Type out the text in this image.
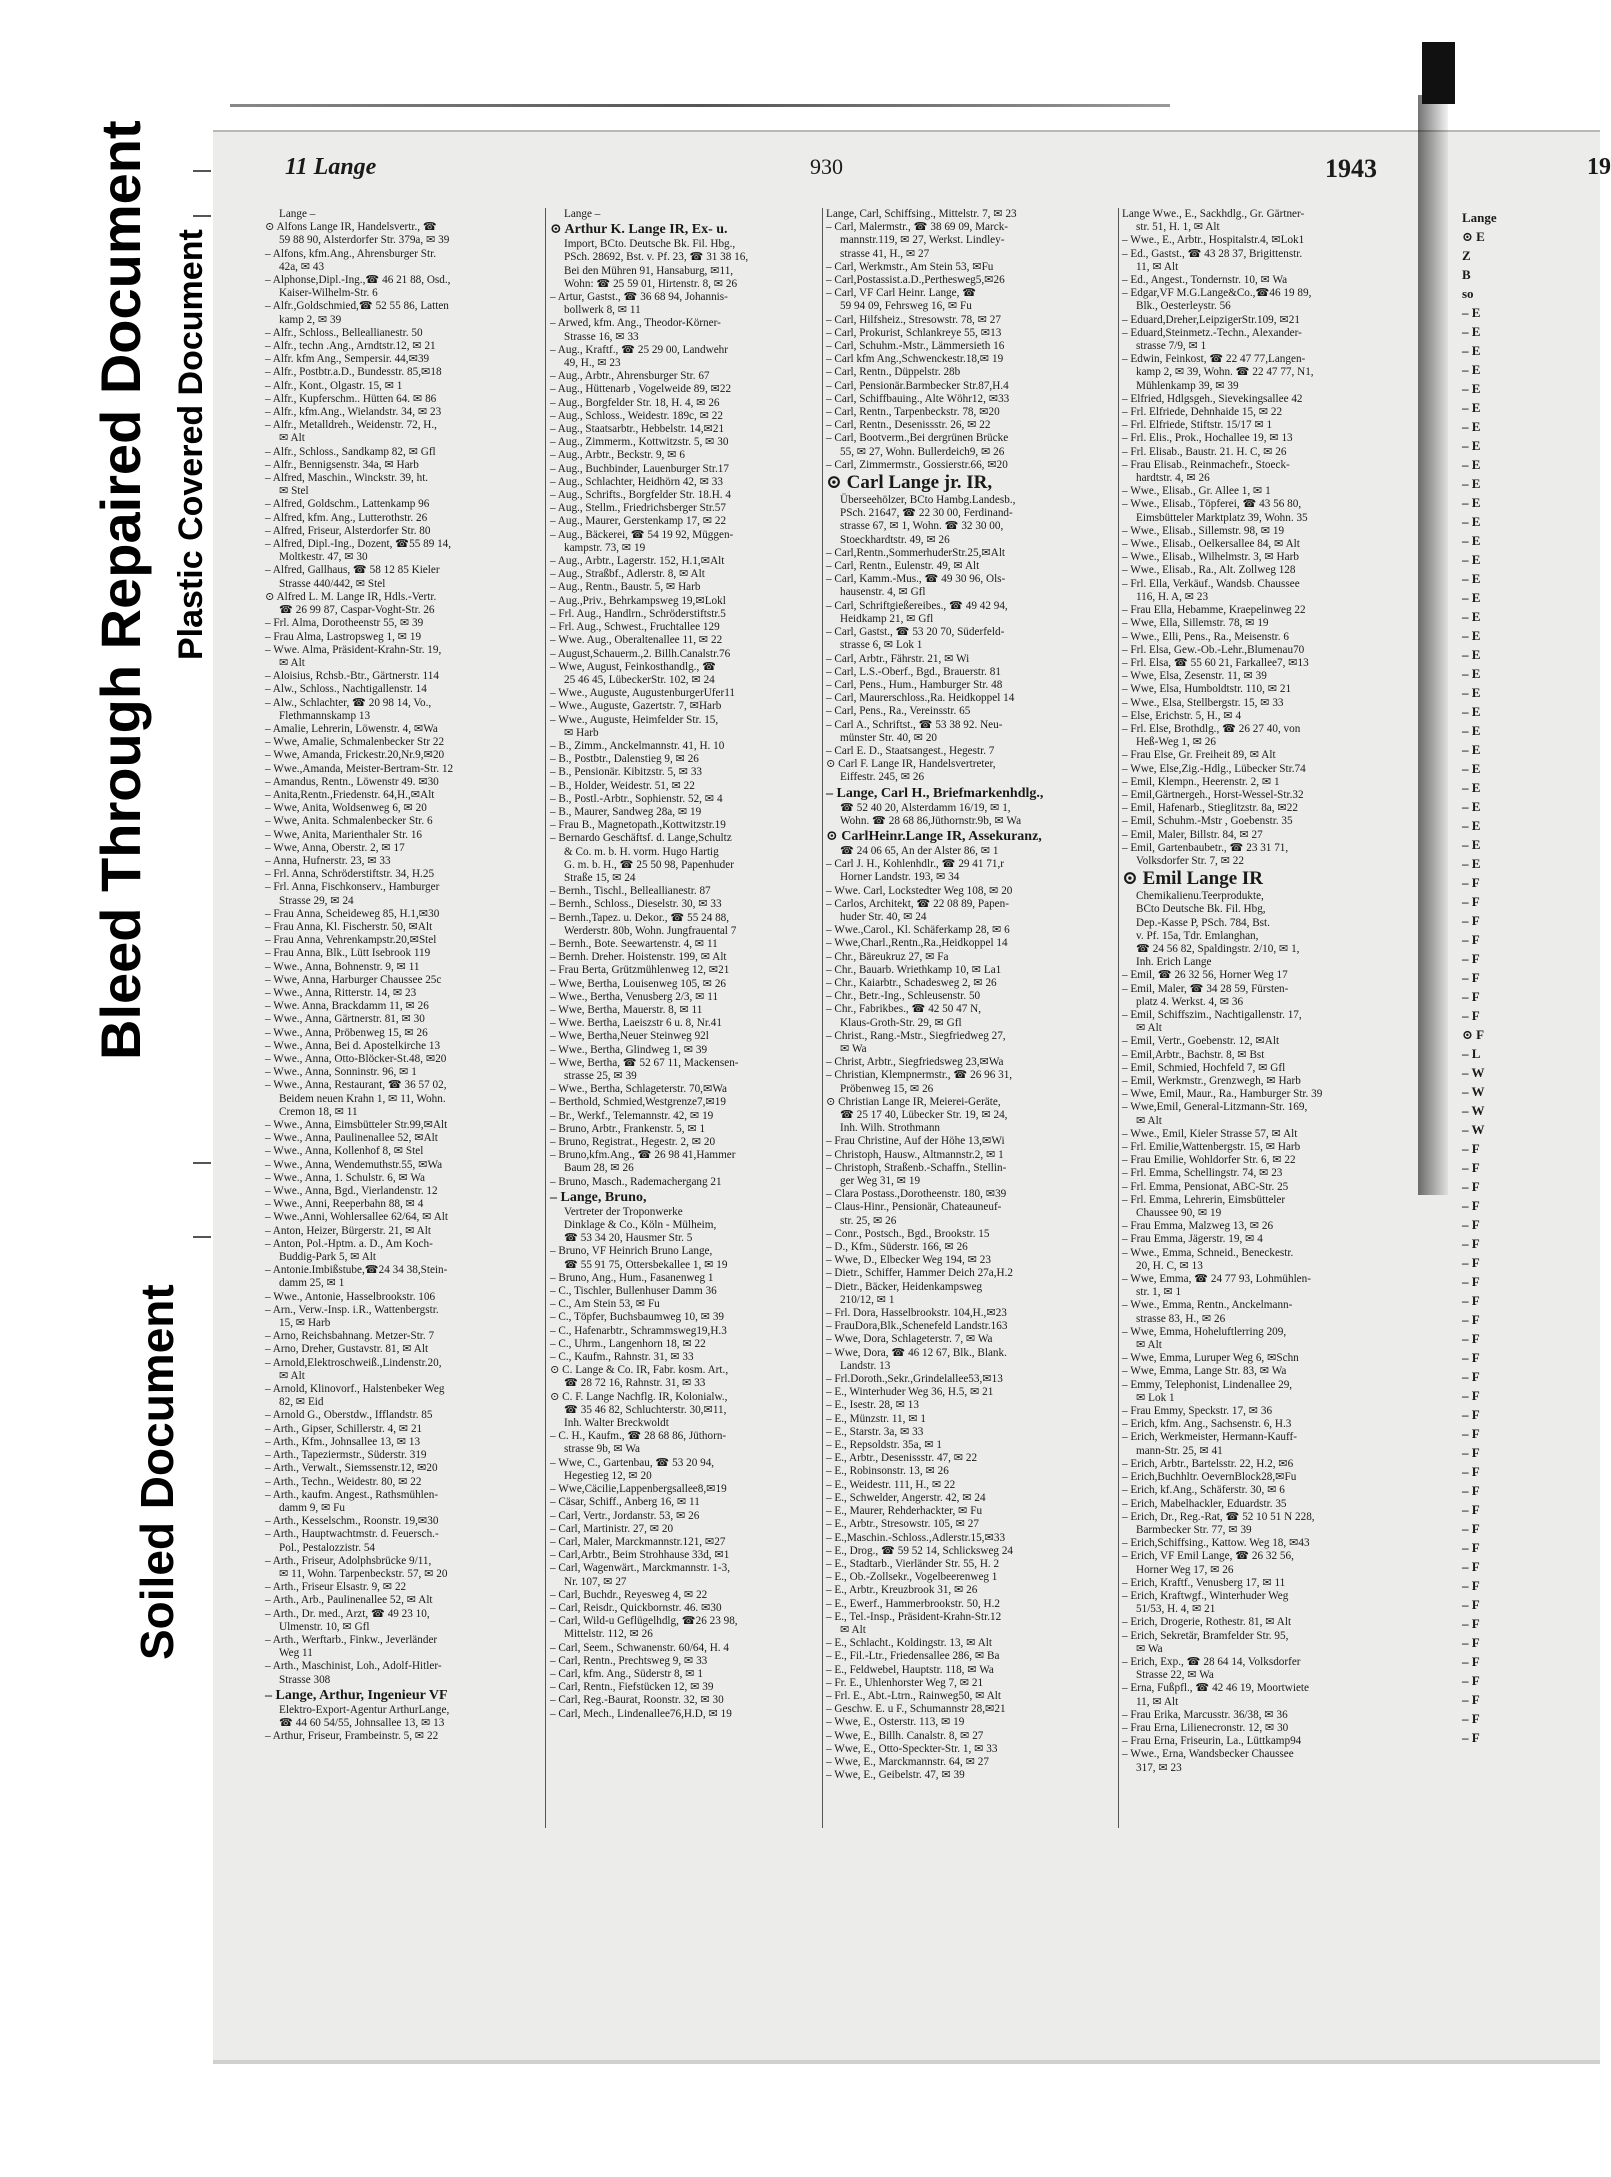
Soiled Document
Bleed Through Repaired Document Plastic Covered Document
11 Lange	930	1943	19
Lange –
⊙ Alfons Lange IR, Handelsvertr., ☎
59 88 90, Alsterdorfer Str. 379a, ✉ 39
– Alfons, kfm.Ang., Ahrensburger Str.
42a, ✉ 43
– Alphonse,Dipl.-Ing.,☎ 46 21 88, Osd.,
Kaiser-Wilhelm-Str. 6
– Alfr.,Goldschmied,☎ 52 55 86, Latten
kamp 2, ✉ 39
– Alfr., Schloss., Belleallianestr. 50
– Alfr., techn .Ang., Arndtstr.12, ✉ 21
– Alfr. kfm Ang., Sempersir. 44,✉39
– Alfr., Postbtr.a.D., Bundesstr. 85,✉18
– Alfr., Kont., Olgastr. 15, ✉ 1
– Alfr., Kupferschm.. Hütten 64. ✉ 86
– Alfr., kfm.Ang., Wielandstr. 34, ✉ 23
– Alfr., Metalldreh., Weidenstr. 72, H.,
✉ Alt
– Alfr., Schloss., Sandkamp 82, ✉ Gfl
– Alfr., Bennigsenstr. 34a, ✉ Harb
– Alfred, Maschin., Winckstr. 39, ht.
✉ Stel
– Alfred, Goldschm., Lattenkamp 96
– Alfred, kfm. Ang., Lutterothstr. 26
– Alfred, Friseur, Alsterdorfer Str. 80
– Alfred, Dipl.-Ing., Dozent, ☎55 89 14,
Moltkestr. 47, ✉ 30
– Alfred, Gallhaus, ☎ 58 12 85 Kieler
Strasse 440/442, ✉ Stel
⊙ Alfred L. M. Lange IR, Hdls.-Vertr.
☎ 26 99 87, Caspar-Voght-Str. 26
– Frl. Alma, Dorotheenstr 55, ✉ 39
– Frau Alma, Lastropsweg 1, ✉ 19
– Wwe. Alma, Präsident-Krahn-Str. 19,
✉ Alt
– Aloisius, Rchsb.-Btr., Gärtnerstr. 114
– Alw., Schloss., Nachtigallenstr. 14
– Alw., Schlachter, ☎ 20 98 14, Vo.,
Flethmannskamp 13
– Amalie, Lehrerin, Löwenstr. 4, ✉Wa
– Wwe, Amalie, Schmalenbecker Str 22
– Wwe, Amanda, Frickestr.20,Nr.9,✉20
– Wwe.,Amanda, Meister-Bertram-Str. 12
– Amandus, Rentn., Löwenstr 49. ✉30
– Anita,Rentn.,Friedenstr. 64,H.,✉Alt
– Wwe, Anita, Woldsenweg 6, ✉ 20
– Wwe, Anita. Schmalenbecker Str. 6
– Wwe, Anita, Marienthaler Str. 16
– Wwe, Anna, Oberstr. 2, ✉ 17
– Anna, Hufnerstr. 23, ✉ 33
– Frl. Anna, Schröderstiftstr. 34, H.25
– Frl. Anna, Fischkonserv., Hamburger
Strasse 29, ✉ 24
– Frau Anna, Scheideweg 85, H.1,✉30
– Frau Anna, Kl. Fischerstr. 50, ✉Alt
– Frau Anna, Vehrenkampstr.20,✉Stel
– Frau Anna, Blk., Lütt Isebrook 119
– Wwe., Anna, Bohnenstr. 9, ✉ 11
– Wwe, Anna, Harburger Chaussee 25c
– Wwe., Anna, Ritterstr. 14, ✉ 23
– Wwe. Anna, Brackdamm 11, ✉ 26
– Wwe., Anna, Gärtnerstr. 81, ✉ 30
– Wwe., Anna, Pröbenweg 15, ✉ 26
– Wwe., Anna, Bei d. Apostelkirche 13
– Wwe., Anna, Otto-Blöcker-St.48, ✉20
– Wwe., Anna, Sonninstr. 96, ✉ 1
– Wwe., Anna, Restaurant, ☎ 36 57 02,
Beidem neuen Krahn 1, ✉ 11, Wohn.
Cremon 18, ✉ 11
– Wwe., Anna, Eimsbütteler Str.99,✉Alt
– Wwe., Anna, Paulinenallee 52, ✉Alt
– Wwe., Anna, Kollenhof 8, ✉ Stel
– Wwe., Anna, Wendemuthstr.55, ✉Wa
– Wwe., Anna, 1. Schulstr. 6, ✉ Wa
– Wwe., Anna, Bgd., Vierlandenstr. 12
– Wwe., Anni, Reeperbahn 88, ✉ 4
– Wwe.,Anni, Wohlersallee 62/64, ✉ Alt
– Anton, Heizer, Bürgerstr. 21, ✉ Alt
– Anton, Pol.-Hptm. a. D., Am Koch-
Buddig-Park 5, ✉ Alt
– Antonie.Imbißstube,☎24 34 38,Stein-
damm 25, ✉ 1
– Wwe., Antonie, Hasselbrookstr. 106
– Arn., Verw.-Insp. i.R., Wattenbergstr.
15, ✉ Harb
– Arno, Reichsbahnang. Metzer-Str. 7
– Arno, Dreher, Gustavstr. 81, ✉ Alt
– Arnold,Elektroschweiß.,Lindenstr.20,
✉ Alt
– Arnold, Klinovorf., Halstenbeker Weg
82, ✉ Eid
– Arnold G., Oberstdw., Ifflandstr. 85
– Arth., Gipser, Schillerstr. 4, ✉ 21
– Arth., Kfm., Johnsallee 13, ✉ 13
– Arth., Tapeziermstr., Süderstr. 319
– Arth., Verwalt., Siemssenstr.12, ✉20
– Arth., Techn., Weidestr. 80, ✉ 22
– Arth., kaufm. Angest., Rathsmühlen-
damm 9, ✉ Fu
– Arth., Kesselschm., Roonstr. 19,✉30
– Arth., Hauptwachtmstr. d. Feuersch.-
Pol., Pestalozzistr. 54
– Arth., Friseur, Adolphsbrücke 9/11,
✉ 11, Wohn. Tarpenbeckstr. 57, ✉ 20
– Arth., Friseur Elsastr. 9, ✉ 22
– Arth., Arb., Paulinenallee 52, ✉ Alt
– Arth., Dr. med., Arzt, ☎ 49 23 10,
Ulmenstr. 10, ✉ Gfl
– Arth., Werftarb., Finkw., Jeverländer
Weg 11
– Arth., Maschinist, Loh., Adolf-Hitler-
Strasse 308
– Lange, Arthur, Ingenieur VF
Elektro-Export-Agentur ArthurLange,
☎ 44 60 54/55, Johnsallee 13, ✉ 13
– Arthur, Friseur, Frambeinstr. 5, ✉ 22
Lange –
⊙ Arthur K. Lange IR, Ex- u.
Import, BCto. Deutsche Bk. Fil. Hbg.,
PSch. 28692, Bst. v. Pf. 23, ☎ 31 38 16,
Bei den Mühren 91, Hansaburg, ✉11,
Wohn: ☎ 25 59 01, Hirtenstr. 8, ✉ 26
– Artur, Gastst., ☎ 36 68 94, Johannis-
bollwerk 8, ✉ 11
– Arwed, kfm. Ang., Theodor-Körner-
Strasse 16, ✉ 33
– Aug., Kraftf., ☎ 25 29 00, Landwehr
49, H., ✉ 23
– Aug., Arbtr., Ahrensburger Str. 67
– Aug., Hüttenarb , Vogelweide 89, ✉22
– Aug., Borgfelder Str. 18, H. 4, ✉ 26
– Aug., Schloss., Weidestr. 189c, ✉ 22
– Aug., Staatsarbtr., Hebbelstr. 14,✉21
– Aug., Zimmerm., Kottwitzstr. 5, ✉ 30
– Aug., Arbtr., Beckstr. 9, ✉ 6
– Aug., Buchbinder, Lauenburger Str.17
– Aug., Schlachter, Heidhörn 42, ✉ 33
– Aug., Schrifts., Borgfelder Str. 18.H. 4
– Aug., Stellm., Friedrichsberger Str.57
– Aug., Maurer, Gerstenkamp 17, ✉ 22
– Aug., Bäckerei, ☎ 54 19 92, Müggen-
kampstr. 73, ✉ 19
– Aug., Arbtr., Lagerstr. 152, H.1,✉Alt
– Aug., Straßbf., Adlerstr. 8, ✉ Alt
– Aug., Rentn., Baustr. 5, ✉ Harb
– Aug.,Priv., Behrkampsweg 19,✉Lokl
– Frl. Aug., Handlrn., Schröderstiftstr.5
– Frl. Aug., Schwest., Fruchtallee 129
– Wwe. Aug., Oberaltenallee 11, ✉ 22
– August,Schauerm.,2. Billh.Canalstr.76
– Wwe, August, Feinkosthandlg., ☎
25 46 45, LübeckerStr. 102, ✉ 24
– Wwe., Auguste, AugustenburgerUfer11
– Wwe., Auguste, Gazertstr. 7, ✉Harb
– Wwe., Auguste, Heimfelder Str. 15,
✉ Harb
– B., Zimm., Anckelmannstr. 41, H. 10
– B., Postbtr., Dalenstieg 9, ✉ 26
– B., Pensionär. Kibitzstr. 5, ✉ 33
– B., Holder, Weidestr. 51, ✉ 22
– B., Postl.-Arbtr., Sophienstr. 52, ✉ 4
– B., Maurer, Sandweg 28a, ✉ 19
– Frau B., Magnetopath.,Kottwitzstr.19
– Bernardo Geschäftsf. d. Lange,Schultz
& Co. m. b. H. vorm. Hugo Hartig
G. m. b. H., ☎ 25 50 98, Papenhuder
Straße 15, ✉ 24
– Bernh., Tischl., Belleallianestr. 87
– Bernh., Schloss., Dieselstr. 30, ✉ 33
– Bernh.,Tapez. u. Dekor., ☎ 55 24 88,
Werderstr. 80b, Wohn. Jungfrauental 7
– Bernh., Bote. Seewartenstr. 4, ✉ 11
– Bernh. Dreher. Hoistenstr. 199, ✉ Alt
– Frau Berta, Grützmühlenweg 12, ✉21
– Wwe, Bertha, Louisenweg 105, ✉ 26
– Wwe., Bertha, Venusberg 2/3, ✉ 11
– Wwe, Bertha, Mauerstr. 8, ✉ 11
– Wwe. Bertha, Laeiszstr 6 u. 8, Nr.41
– Wwe, Bertha,Neuer Steinweg 92l
– Wwe., Bertha, Glindweg 1, ✉ 39
– Wwe, Bertha, ☎ 52 67 11, Mackensen-
strasse 25, ✉ 39
– Wwe., Bertha, Schlageterstr. 70,✉Wa
– Berthold, Schmied,Westgrenze7,✉19
– Br., Werkf., Telemannstr. 42, ✉ 19
– Bruno, Arbtr., Frankenstr. 5, ✉ 1
– Bruno, Registrat., Hegestr. 2, ✉ 20
– Bruno,kfm.Ang., ☎ 26 98 41,Hammer
Baum 28, ✉ 26
– Bruno, Masch., Rademachergang 21
– Lange, Bruno,
Vertreter der Troponwerke
Dinklage & Co., Köln - Mülheim,
☎ 53 34 20, Hausmer Str. 5
– Bruno, VF Heinrich Bruno Lange,
☎ 55 91 75, Ottersbekallee 1, ✉ 19
– Bruno, Ang., Hum., Fasanenweg 1
– C., Tischler, Bullenhuser Damm 36
– C., Am Stein 53, ✉ Fu
– C., Töpfer, Buchsbaumweg 10, ✉ 39
– C., Hafenarbtr., Schrammsweg19,H.3
– C., Uhrm., Langenhorn 18, ✉ 22
– C., Kaufm., Rahnstr. 31, ✉ 33
⊙ C. Lange & Co. IR, Fabr. kosm. Art.,
☎ 28 72 16, Rahnstr. 31, ✉ 33
⊙ C. F. Lange Nachflg. IR, Kolonialw.,
☎ 35 46 82, Schluchterstr. 30,✉11,
Inh. Walter Breckwoldt
– C. H., Kaufm., ☎ 28 68 86, Jüthorn-
strasse 9b, ✉ Wa
– Wwe, C., Gartenbau, ☎ 53 20 94,
Hegestieg 12, ✉ 20
– Wwe,Cäcilie,Lappenbergsallee8,✉19
– Cäsar, Schiff., Anberg 16, ✉ 11
– Carl, Vertr., Jordanstr. 53, ✉ 26
– Carl, Martinistr. 27, ✉ 20
– Carl, Maler, Marckmannstr.121, ✉27
– Carl,Arbtr., Beim Strohhause 33d, ✉1
– Carl, Wagenwärt., Marckmannstr. 1-3,
Nr. 107, ✉ 27
– Carl, Buchdr., Reyesweg 4, ✉ 22
– Carl, Reisdr., Quickbornstr. 46. ✉30
– Carl, Wild-u Geflügelhdlg, ☎26 23 98,
Mittelstr. 112, ✉ 26
– Carl, Seem., Schwanenstr. 60/64, H. 4
– Carl, Rentn., Prechtsweg 9, ✉ 33
– Carl, kfm. Ang., Süderstr 8, ✉ 1
– Carl, Rentn., Fiefstücken 12, ✉ 39
– Carl, Reg.-Baurat, Roonstr. 32, ✉ 30
– Carl, Mech., Lindenallee76,H.D, ✉ 19
Lange, Carl, Schiffsing., Mittelstr. 7, ✉ 23
– Carl, Malermstr., ☎ 38 69 09, Marck-
mannstr.119, ✉ 27, Werkst. Lindley-
strasse 41, H., ✉ 27
– Carl, Werkmstr., Am Stein 53, ✉Fu
– Carl,Postassist.a.D.,Perthesweg5,✉26
– Carl, VF Carl Heinr. Lange, ☎
59 94 09, Fehrsweg 16, ✉ Fu
– Carl, Hilfsheiz., Stresowstr. 78, ✉ 27
– Carl, Prokurist, Schlankreye 55, ✉13
– Carl, Schuhm.-Mstr., Lämmersieth 16
– Carl kfm Ang.,Schwenckestr.18,✉ 19
– Carl, Rentn., Düppelstr. 28b
– Carl, Pensionär.Barmbecker Str.87,H.4
– Carl, Schiffbauing., Alte Wöhr12, ✉33
– Carl, Rentn., Tarpenbeckstr. 78, ✉20
– Carl, Rentn., Desenissstr. 26, ✉ 22
– Carl, Bootverm.,Bei dergrünen Brücke
55, ✉ 27, Wohn. Bullerdeich9, ✉ 26
– Carl, Zimmermstr., Gossierstr.66, ✉20
⊙ Carl Lange jr. IR,
Überseehölzer, BCto Hambg.Landesb.,
PSch. 21647, ☎ 22 30 00, Ferdinand-
strasse 67, ✉ 1, Wohn. ☎ 32 30 00,
Stoeckhardtstr. 49, ✉ 26
– Carl,Rentn.,SommerhuderStr.25,✉Alt
– Carl, Rentn., Eulenstr. 49, ✉ Alt
– Carl, Kamm.-Mus., ☎ 49 30 96, Ols-
hausenstr. 4, ✉ Gfl
– Carl, Schriftgießereibes., ☎ 49 42 94,
Heidkamp 21, ✉ Gfl
– Carl, Gastst., ☎ 53 20 70, Süderfeld-
strasse 6, ✉ Lok 1
– Carl, Arbtr., Fährstr. 21, ✉ Wi
– Carl, L.S.-Oberf., Bgd., Brauerstr. 81
– Carl, Pens., Hum., Hamburger Str. 48
– Carl, Maurerschloss.,Ra. Heidkoppel 14
– Carl, Pens., Ra., Vereinsstr. 65
– Carl A., Schriftst., ☎ 53 38 92. Neu-
münster Str. 40, ✉ 20
– Carl E. D., Staatsangest., Hegestr. 7
⊙ Carl F. Lange IR, Handelsvertreter,
Eiffestr. 245, ✉ 26
– Lange, Carl H., Briefmarkenhdlg.,
☎ 52 40 20, Alsterdamm 16/19, ✉ 1,
Wohn. ☎ 28 68 86,Jüthornstr.9b, ✉ Wa
⊙ CarlHeinr.Lange IR, Assekuranz,
☎ 24 06 65, An der Alster 86, ✉ 1
– Carl J. H., Kohlenhdlr., ☎ 29 41 71,r
Horner Landstr. 193, ✉ 34
– Wwe. Carl, Lockstedter Weg 108, ✉ 20
– Carlos, Architekt, ☎ 22 08 89, Papen-
huder Str. 40, ✉ 24
– Wwe.,Carol., Kl. Schäferkamp 28, ✉ 6
– Wwe,Charl.,Rentn.,Ra.,Heidkoppel 14
– Chr., Bäreukruz 27, ✉ Fa
– Chr., Bauarb. Wriethkamp 10, ✉ La1
– Chr., Kaiarbtr., Schadesweg 2, ✉ 26
– Chr., Betr.-Ing., Schleusenstr. 50
– Chr., Fabrikbes., ☎ 42 50 47 N,
Klaus-Groth-Str. 29, ✉ Gfl
– Christ., Rang.-Mstr., Siegfriedweg 27,
✉ Wa
– Christ, Arbtr., Siegfriedsweg 23,✉Wa
– Christian, Klempnermstr., ☎ 26 96 31,
Pröbenweg 15, ✉ 26
⊙ Christian Lange IR, Meierei-Geräte,
☎ 25 17 40, Lübecker Str. 19, ✉ 24,
Inh. Wilh. Strothmann
– Frau Christine, Auf der Höhe 13,✉Wi
– Christoph, Hausw., Altmannstr.2, ✉ 1
– Christoph, Straßenb.-Schaffn., Stellin-
ger Weg 31, ✉ 19
– Clara Postass.,Dorotheenstr. 180, ✉39
– Claus-Hinr., Pensionär, Chateauneuf-
str. 25, ✉ 26
– Conr., Postsch., Bgd., Brookstr. 15
– D., Kfm., Süderstr. 166, ✉ 26
– Wwe, D., Elbecker Weg 194, ✉ 23
– Dietr., Schiffer, Hammer Deich 27a,H.2
– Dietr., Bäcker, Heidenkampsweg
210/12, ✉ 1
– Frl. Dora, Hasselbrookstr. 104,H.,✉23
– FrauDora,Blk.,Schenefeld Landstr.163
– Wwe, Dora, Schlageterstr. 7, ✉ Wa
– Wwe, Dora, ☎ 46 12 67, Blk., Blank.
Landstr. 13
– Frl.Doroth.,Sekr.,Grindelallee53,✉13
– E., Winterhuder Weg 36, H.5, ✉ 21
– E., Isestr. 28, ✉ 13
– E., Münzstr. 11, ✉ 1
– E., Starstr. 3a, ✉ 33
– E., Repsoldstr. 35a, ✉ 1
– E., Arbtr., Desenissstr. 47, ✉ 22
– E., Robinsonstr. 13, ✉ 26
– E., Weidestr. 111, H., ✉ 22
– E., Schwelder, Angerstr. 42, ✉ 24
– E., Maurer, Rehderhackter, ✉ Fu
– E., Arbtr., Stresowstr. 105, ✉ 27
– E.,Maschin.-Schloss.,Adlerstr.15,✉33
– E., Drog., ☎ 59 52 14, Schlicksweg 24
– E., Stadtarb., Vierländer Str. 55, H. 2
– E., Ob.-Zollsekr., Vogelbeerenweg 1
– E., Arbtr., Kreuzbrook 31, ✉ 26
– E., Ewerf., Hammerbrookstr. 50, H.2
– E., Tel.-Insp., Präsident-Krahn-Str.12
✉ Alt
– E., Schlacht., Koldingstr. 13, ✉ Alt
– E., Fil.-Ltr., Friedensallee 286, ✉ Ba
– E., Feldwebel, Hauptstr. 118, ✉ Wa
– Fr. E., Uhlenhorster Weg 7, ✉ 21
– Frl. E., Abt.-Ltrn., Rainweg50, ✉ Alt
– Geschw. E. u F., Schumannstr 28,✉21
– Wwe, E., Osterstr. 113, ✉ 19
– Wwe, E., Billh. Canalstr. 8, ✉ 27
– Wwe, E., Otto-Speckter-Str. 1, ✉ 33
– Wwe, E., Marckmannstr. 64, ✉ 27
– Wwe, E., Geibelstr. 47, ✉ 39
Lange Wwe., E., Sackhdlg., Gr. Gärtner-
str. 51, H. 1, ✉ Alt
– Wwe., E., Arbtr., Hospitalstr.4, ✉Lok1
– Ed., Gastst., ☎ 43 28 37, Brigittenstr.
11, ✉ Alt
– Ed., Angest., Tondernstr. 10, ✉ Wa
– Edgar,VF M.G.Lange&Co.,☎46 19 89,
Blk., Oesterleystr. 56
– Eduard,Dreher,LeipzigerStr.109, ✉21
– Eduard,Steinmetz.-Techn., Alexander-
strasse 7/9, ✉ 1
– Edwin, Feinkost, ☎ 22 47 77,Langen-
kamp 2, ✉ 39, Wohn. ☎ 22 47 77, N1,
Mühlenkamp 39, ✉ 39
– Elfried, Hdlgsgeh., Sievekingsallee 42
– Frl. Elfriede, Dehnhaide 15, ✉ 22
– Frl. Elfriede, Stiftstr. 15/17 ✉ 1
– Frl. Elis., Prok., Hochallee 19, ✉ 13
– Frl. Elisab., Baustr. 21. H. C, ✉ 26
– Frau Elisab., Reinmachefr., Stoeck-
hardtstr. 4, ✉ 26
– Wwe., Elisab., Gr. Allee 1, ✉ 1
– Wwe., Elisab., Töpferei, ☎ 43 56 80,
Eimsbütteler Marktplatz 39, Wohn. 35
– Wwe., Elisab., Sillemstr. 98, ✉ 19
– Wwe., Elisab., Oelkersallee 84, ✉ Alt
– Wwe., Elisab., Wilhelmstr. 3, ✉ Harb
– Wwe., Elisab., Ra., Alt. Zollweg 128
– Frl. Ella, Verkäuf., Wandsb. Chaussee
116, H. A, ✉ 23
– Frau Ella, Hebamme, Kraepelinweg 22
– Wwe, Ella, Sillemstr. 78, ✉ 19
– Wwe., Elli, Pens., Ra., Meisenstr. 6
– Frl. Elsa, Gew.-Ob.-Lehr.,Blumenau70
– Frl. Elsa, ☎ 55 60 21, Farkallee7, ✉13
– Wwe, Elsa, Zesenstr. 11, ✉ 39
– Wwe, Elsa, Humboldtstr. 110, ✉ 21
– Wwe., Elsa, Stellbergstr. 15, ✉ 33
– Else, Erichstr. 5, H., ✉ 4
– Frl. Else, Brothdlg., ☎ 26 27 40, von
Heß-Weg 1, ✉ 26
– Frau Else, Gr. Freiheit 89, ✉ Alt
– Wwe, Else,Zig.-Hdlg., Lübecker Str.74
– Emil, Klempn., Heerenstr. 2, ✉ 1
– Emil,Gärtnergeh., Horst-Wessel-Str.32
– Emil, Hafenarb., Stieglitzstr. 8a, ✉22
– Emil, Schuhm.-Mstr , Goebenstr. 35
– Emil, Maler, Billstr. 84, ✉ 27
– Emil, Gartenbaubetr., ☎ 23 31 71,
Volksdorfer Str. 7, ✉ 22
⊙ Emil Lange IR
Chemikalienu.Teerprodukte,
BCto Deutsche Bk. Fil. Hbg,
Dep.-Kasse P, PSch. 784, Bst.
v. Pf. 15a, Tdr. Emlanghan,
☎ 24 56 82, Spaldingstr. 2/10, ✉ 1,
Inh. Erich Lange
– Emil, ☎ 26 32 56, Horner Weg 17
– Emil, Maler, ☎ 34 28 59, Fürsten-
platz 4. Werkst. 4, ✉ 36
– Emil, Schiffszim., Nachtigallenstr. 17,
✉ Alt
– Emil, Vertr., Goebenstr. 12, ✉Alt
– Emil,Arbtr., Bachstr. 8, ✉ Bst
– Emil, Schmied, Hochfeld 7, ✉ Gfl
– Emil, Werkmstr., Grenzwegh, ✉ Harb
– Wwe, Emil, Maur., Ra., Hamburger Str. 39
– Wwe,Emil, General-Litzmann-Str. 169,
✉ Alt
– Wwe., Emil, Kieler Strasse 57, ✉ Alt
– Frl. Emilie,Wattenbergstr. 15, ✉ Harb
– Frau Emilie, Wohldorfer Str. 6, ✉ 22
– Frl. Emma, Schellingstr. 74, ✉ 23
– Frl. Emma, Pensionat, ABC-Str. 25
– Frl. Emma, Lehrerin, Eimsbütteler
Chaussee 90, ✉ 19
– Frau Emma, Malzweg 13, ✉ 26
– Frau Emma, Jägerstr. 19, ✉ 4
– Wwe., Emma, Schneid., Beneckestr.
20, H. C, ✉ 13
– Wwe, Emma, ☎ 24 77 93, Lohmühlen-
str. 1, ✉ 1
– Wwe., Emma, Rentn., Anckelmann-
strasse 83, H., ✉ 26
– Wwe, Emma, Hoheluftlerring 209,
✉ Alt
– Wwe, Emma, Luruper Weg 6, ✉Schn
– Wwe, Emma, Lange Str. 83, ✉ Wa
– Emmy, Telephonist, Lindenallee 29,
✉ Lok 1
– Frau Emmy, Speckstr. 17, ✉ 36
– Erich, kfm. Ang., Sachsenstr. 6, H.3
– Erich, Werkmeister, Hermann-Kauff-
mann-Str. 25, ✉ 41
– Erich, Arbtr., Bartelsstr. 22, H.2, ✉6
– Erich,Buchhltr. OevernBlock28,✉Fu
– Erich, kf.Ang., Schäferstr. 30, ✉ 6
– Erich, Mabelhackler, Eduardstr. 35
– Erich, Dr., Reg.-Rat, ☎ 52 10 51 N 228,
Barmbecker Str. 77, ✉ 39
– Erich,Schiffsing., Kattow. Weg 18, ✉43
– Erich, VF Emil Lange, ☎ 26 32 56,
Horner Weg 17, ✉ 26
– Erich, Kraftf., Venusberg 17, ✉ 11
– Erich, Kraftwgf., Winterhuder Weg
51/53, H. 4, ✉ 21
– Erich, Drogerie, Rothestr. 81, ✉ Alt
– Erich, Sekretär, Bramfelder Str. 95,
✉ Wa
– Erich, Exp., ☎ 28 64 14, Volksdorfer
Strasse 22, ✉ Wa
– Erna, Fußpfl., ☎ 42 46 19, Moortwiete
11, ✉ Alt
– Frau Erika, Marcusstr. 36/38, ✉ 36
– Frau Erna, Lilienecronstr. 12, ✉ 30
– Frau Erna, Friseurin, La., Lüttkamp94
– Wwe., Erna, Wandsbecker Chaussee
317, ✉ 23
Lange
⊙ E
Z
B
so
– E
– E
– E
– E
– E
– E
– E
– E
– E
– E
– E
– E
– E
– E
– E
– E
– E
– E
– E
– E
– E
– E
– E
– E
– E
– E
– E
– E
– E
– E
– F
– F
– F
– F
– F
– F
– F
– F
⊙ F
– L
– W
– W
– W
– W
– F
– F
– F
– F
– F
– F
– F
– F
– F
– F
– F
– F
– F
– F
– F
– F
– F
– F
– F
– F
– F
– F
– F
– F
– F
– F
– F
– F
– F
– F
– F
– F
